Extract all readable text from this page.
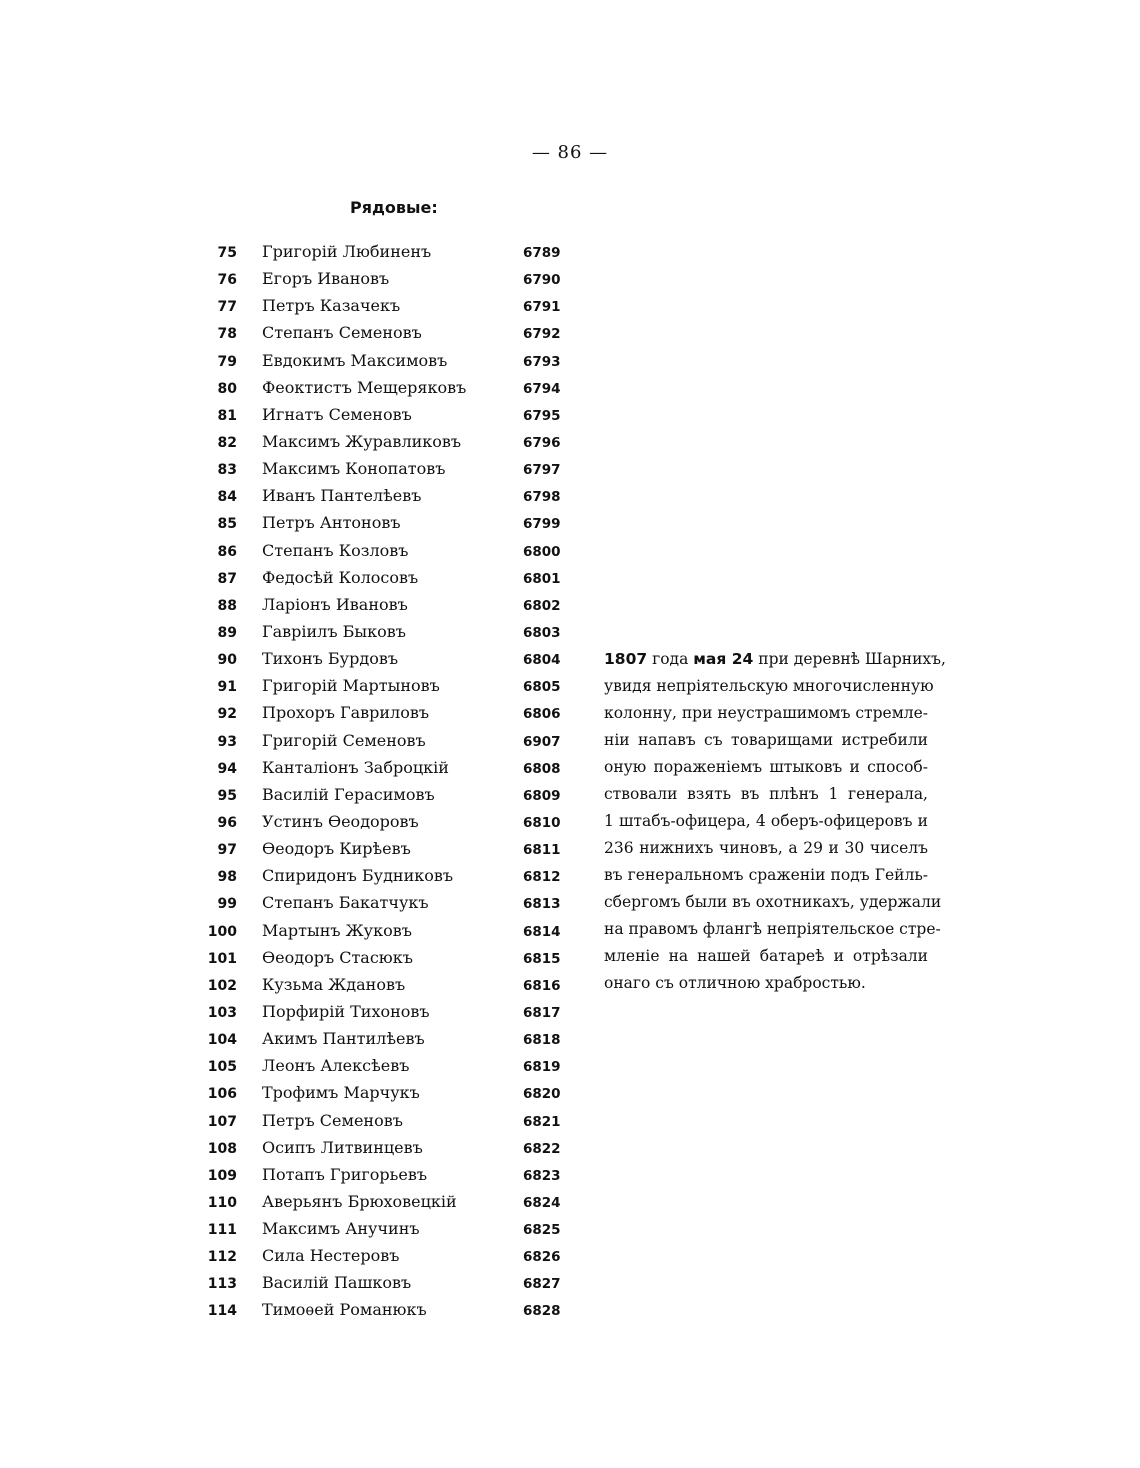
— 86 —
Рядовые:
75 Григорій Любиненъ	6789
76 Егоръ Ивановъ	6790
77 Петръ Казачекъ	6791
78 Степанъ Семеновъ	6792
79 Евдокимъ Максимовъ	6793
80 Феоктистъ Мещеряковъ	6794
81 Игнатъ Семеновъ	6795
82 Максимъ Журавликовъ	6796
83 Максимъ Конопатовъ	6797
84 Иванъ Пантелѣевъ	6798
85 Петръ Антоновъ	6799
86 Степанъ Козловъ	6800
87 Федосѣй Колосовъ	6801
88 Ларіонъ Ивановъ	6802
89 Гавріилъ Быковъ	6803
90 Тихонъ Бурдовъ	6804
91 Григорій Мартыновъ	6805
92 Прохоръ Гавриловъ	6806
93 Григорій Семеновъ	6907
94 Канталіонъ Заброцкій	6808
95 Василій Герасимовъ	6809
96 Устинъ Ѳеодоровъ	6810
97 Ѳеодоръ Кирѣевъ	6811
98 Спиридонъ Будниковъ	6812
99 Степанъ Бакатчукъ	6813
100 Мартынъ Жуковъ	6814
101 Ѳеодоръ Стасюкъ	6815
102 Кузьма Ждановъ	6816
103 Порфирій Тихоновъ	6817
104 Акимъ Пантилѣевъ	6818
105 Леонъ Алексѣевъ	6819
106 Трофимъ Марчукъ	6820
107 Петръ Семеновъ	6821
108 Осипъ Литвинцевъ	6822
109 Потапъ Григорьевъ	6823
110 Аверьянъ Брюховецкій	6824
111 Максимъ Анучинъ	6825
112 Сила Нестеровъ	6826
113 Василій Пашковъ	6827
114 Тимоѳей Романюкъ	6828
1807 года мая 24 при деревнѣ Шарнихъ,
увидя непріятельскую многочисленную
колонну, при неустрашимомъ стремле-
ніи напавъ съ товарищами истребили
оную пораженіемъ штыковъ и способ-
ствовали взять въ плѣнъ 1 генерала,
1 штабъ-офицера, 4 оберъ-офицеровъ и
236 нижнихъ чиновъ, а 29 и 30 чиселъ
въ генеральномъ сраженіи подъ Гейль-
сбергомъ были въ охотникахъ, удержали
на правомъ флангѣ непріятельское стре-
мленіе на нашей батареѣ и отрѣзали
онаго съ отличною храбростью.
